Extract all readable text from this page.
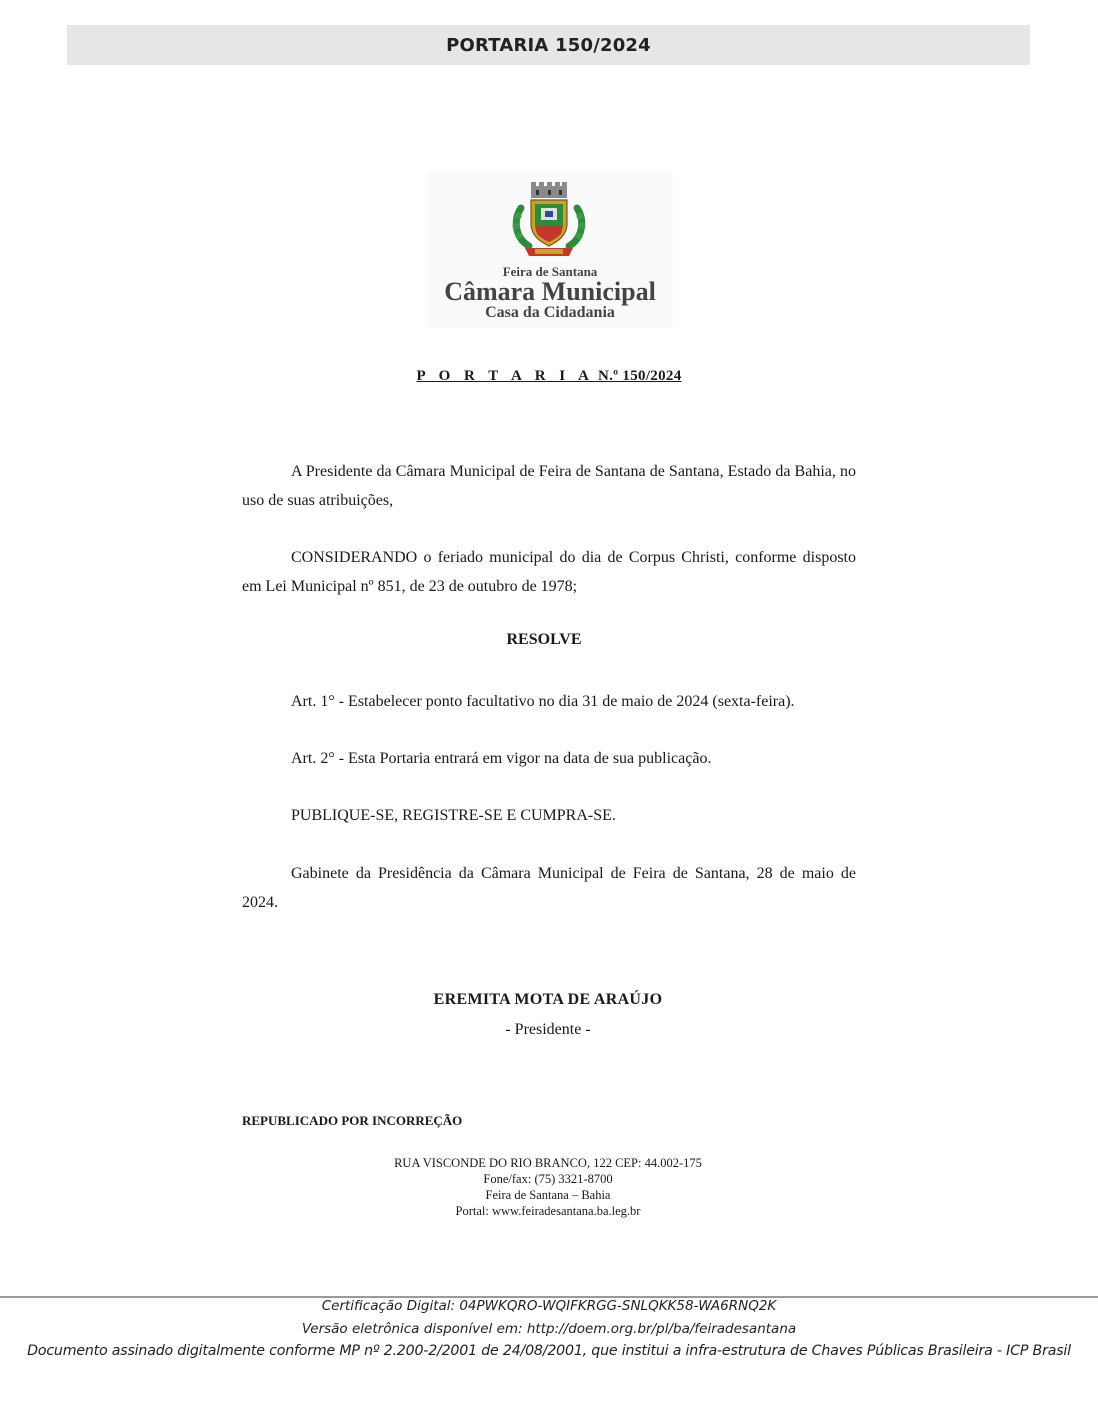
PORTARIA 150/2024
Feira de Santana
Câmara Municipal
Casa da Cidadania
P O R T A R I A N.º 150/2024

A Presidente da Câmara Municipal de Feira de Santana de Santana, Estado da Bahia, no uso de suas atribuições,

CONSIDERANDO o feriado municipal do dia de Corpus Christi, conforme disposto em Lei Municipal nº 851, de 23 de outubro de 1978;

RESOLVE

Art. 1° - Estabelecer ponto facultativo no dia 31 de maio de 2024 (sexta-feira).

Art. 2° - Esta Portaria entrará em vigor na data de sua publicação.

PUBLIQUE-SE, REGISTRE-SE E CUMPRA-SE.

Gabinete da Presidência da Câmara Municipal de Feira de Santana, 28 de maio de 2024.

EREMITA MOTA DE ARAÚJO
- Presidente -
REPUBLICADO POR INCORREÇÃO
RUA VISCONDE DO RIO BRANCO, 122 CEP: 44.002-175
Fone/fax: (75) 3321-8700
Feira de Santana – Bahia
Portal: www.feiradesantana.ba.leg.br
Certificação Digital: 04PWKQRO-WQIFKRGG-SNLQKK58-WA6RNQ2K
Versão eletrônica disponível em: http://doem.org.br/pl/ba/feiradesantana
Documento assinado digitalmente conforme MP nº 2.200-2/2001 de 24/08/2001, que institui a infra-estrutura de Chaves Públicas Brasileira - ICP Brasil
